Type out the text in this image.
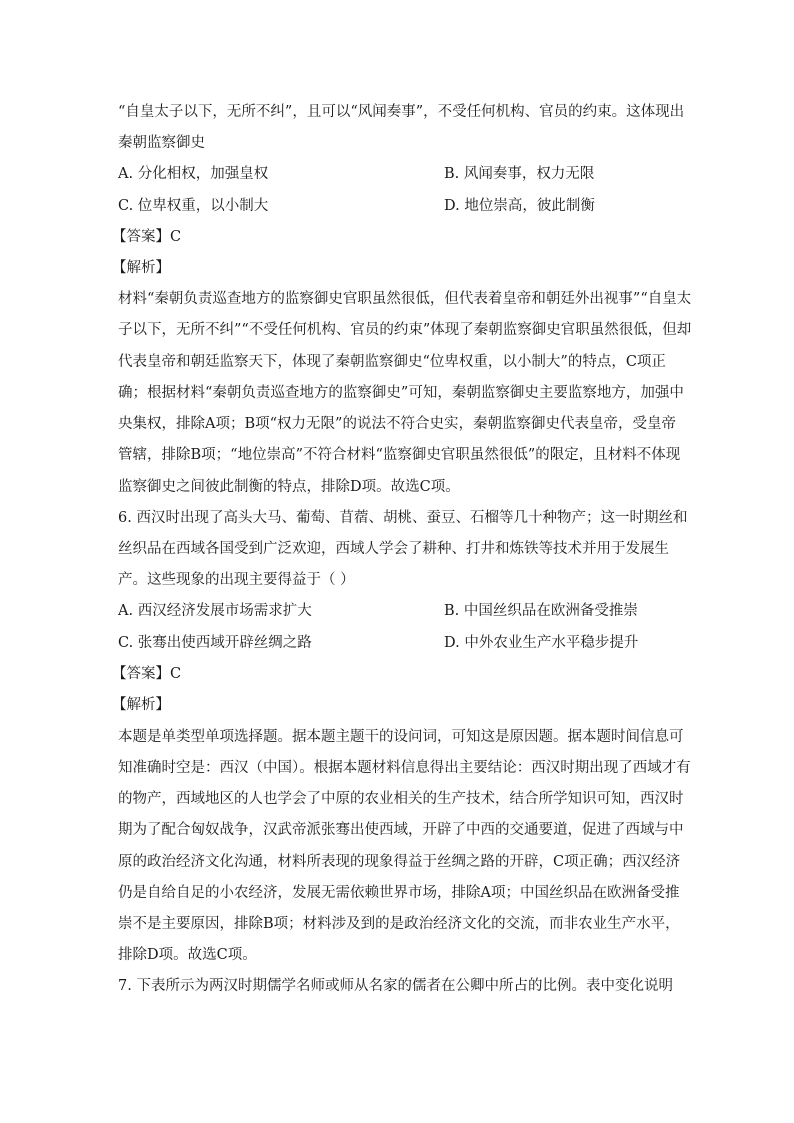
“自皇太子以下，无所不纠”，且可以“风闻奏事”，不受任何机构、官员的约束。这体现出
秦朝监察御史
A. 分化相权，加强皇权	B. 风闻奏事，权力无限
C. 位卑权重，以小制大	D. 地位崇高，彼此制衡
【答案】C
【解析】
材料“秦朝负责巡查地方的监察御史官职虽然很低，但代表着皇帝和朝廷外出视事”“自皇太
子以下，无所不纠”“不受任何机构、官员的约束”体现了秦朝监察御史官职虽然很低，但却
代表皇帝和朝廷监察天下，体现了秦朝监察御史“位卑权重，以小制大”的特点，C项正
确；根据材料“秦朝负责巡查地方的监察御史”可知，秦朝监察御史主要监察地方，加强中
央集权，排除A项；B项“权力无限”的说法不符合史实，秦朝监察御史代表皇帝，受皇帝
管辖，排除B项；“地位崇高”不符合材料“监察御史官职虽然很低”的限定，且材料不体现
监察御史之间彼此制衡的特点，排除D项。故选C项。
6. 西汉时出现了高头大马、葡萄、苜蓿、胡桃、蚕豆、石榴等几十种物产；这一时期丝和
丝织品在西域各国受到广泛欢迎，西域人学会了耕种、打井和炼铁等技术并用于发展生
产。这些现象的出现主要得益于（ ）
A. 西汉经济发展市场需求扩大	B. 中国丝织品在欧洲备受推崇
C. 张骞出使西域开辟丝绸之路	D. 中外农业生产水平稳步提升
【答案】C
【解析】
本题是单类型单项选择题。据本题主题干的设问词，可知这是原因题。据本题时间信息可
知准确时空是：西汉（中国）。根据本题材料信息得出主要结论：西汉时期出现了西域才有
的物产，西域地区的人也学会了中原的农业相关的生产技术，结合所学知识可知，西汉时
期为了配合匈奴战争，汉武帝派张骞出使西域，开辟了中西的交通要道，促进了西域与中
原的政治经济文化沟通，材料所表现的现象得益于丝绸之路的开辟，C项正确；西汉经济
仍是自给自足的小农经济，发展无需依赖世界市场，排除A项；中国丝织品在欧洲备受推
崇不是主要原因，排除B项；材料涉及到的是政治经济文化的交流，而非农业生产水平，
排除D项。故选C项。
7. 下表所示为两汉时期儒学名师或师从名家的儒者在公卿中所占的比例。表中变化说明
